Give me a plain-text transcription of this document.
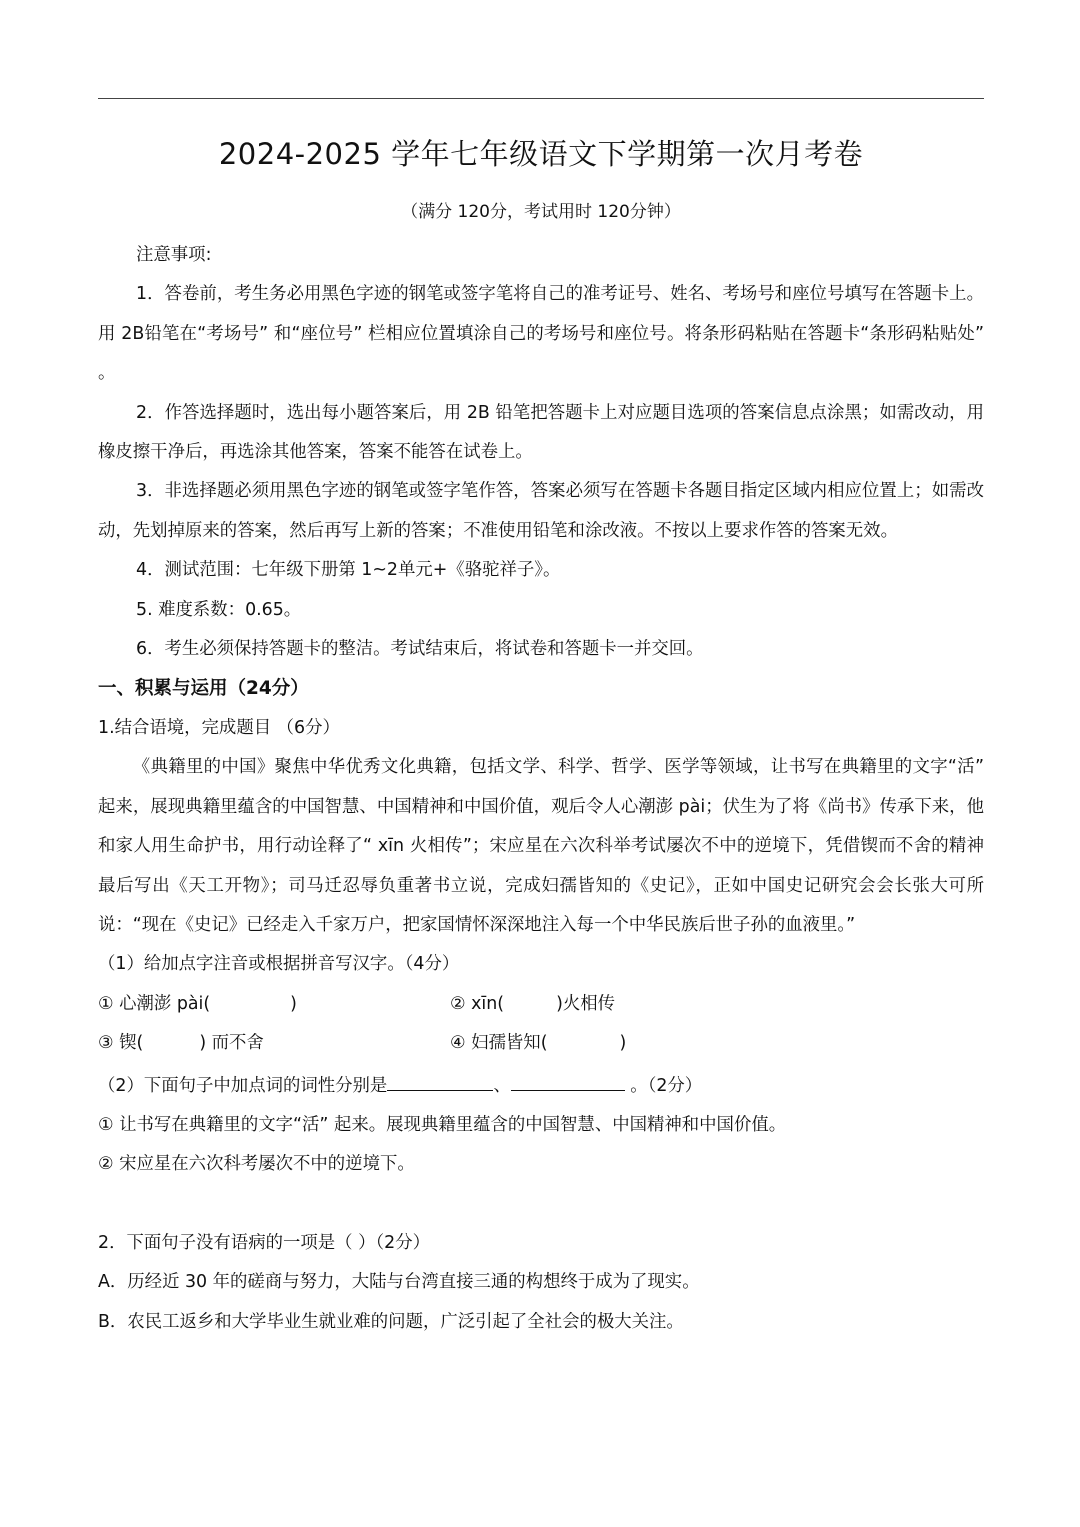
2024-2025 学年七年级语文下学期第一次月考卷
（满分 120分，考试用时 120分钟）

注意事项:

1．答卷前，考生务必用黑色字迹的钢笔或签字笔将自己的准考证号、姓名、考场号和座位号填写在答题卡上。用 2B铅笔在“考场号” 和“座位号” 栏相应位置填涂自己的考场号和座位号。将条形码粘贴在答题卡“条形码粘贴处” 。

2．作答选择题时，选出每小题答案后，用 2B 铅笔把答题卡上对应题目选项的答案信息点涂黑；如需改动，用橡皮擦干净后，再选涂其他答案，答案不能答在试卷上。

3．非选择题必须用黑色字迹的钢笔或签字笔作答，答案必须写在答题卡各题目指定区域内相应位置上；如需改动，先划掉原来的答案，然后再写上新的答案；不准使用铅笔和涂改液。不按以上要求作答的答案无效。

4．测试范围：七年级下册第 1~2单元+《骆驼祥子》。

5. 难度系数：0.65。

6．考生必须保持答题卡的整洁。考试结束后，将试卷和答题卡一并交回。

一、积累与运用（24分）

1.结合语境，完成题目 （6分）

《典籍里的中国》聚焦中华优秀文化典籍，包括文学、科学、哲学、医学等领域，让书写在典籍里的文字“活” 起来，展现典籍里蕴含的中国智慧、中国精神和中国价值，观后令人心潮澎 pài；伏生为了将《尚书》传承下来，他和家人用生命护书，用行动诠释了“ xīn 火相传”；宋应星在六次科举考试屡次不中的逆境下，凭借锲而不舍的精神最后写出《天工开物》；司马迁忍辱负重著书立说，完成妇孺皆知的《史记》，正如中国史记研究会会长张大可所说：“现在《史记》已经走入千家万户，把家国情怀深深地注入每一个中华民族后世子孙的血液里。”

（1）给加点字注音或根据拼音写汉字。（4分）

① 心潮澎 pài(	)	② xīn(	)火相传
③ 锲(	) 而不舍	④ 妇孺皆知(	)

（2）下面句子中加点词的词性分别是	、	。（2分）

① 让书写在典籍里的文字“活” 起来。展现典籍里蕴含的中国智慧、中国精神和中国价值。

② 宋应星在六次科考屡次不中的逆境下。

2．下面句子没有语病的一项是（ ）（2分）

A．历经近 30 年的磋商与努力，大陆与台湾直接三通的构想终于成为了现实。

B．农民工返乡和大学毕业生就业难的问题，广泛引起了全社会的极大关注。
